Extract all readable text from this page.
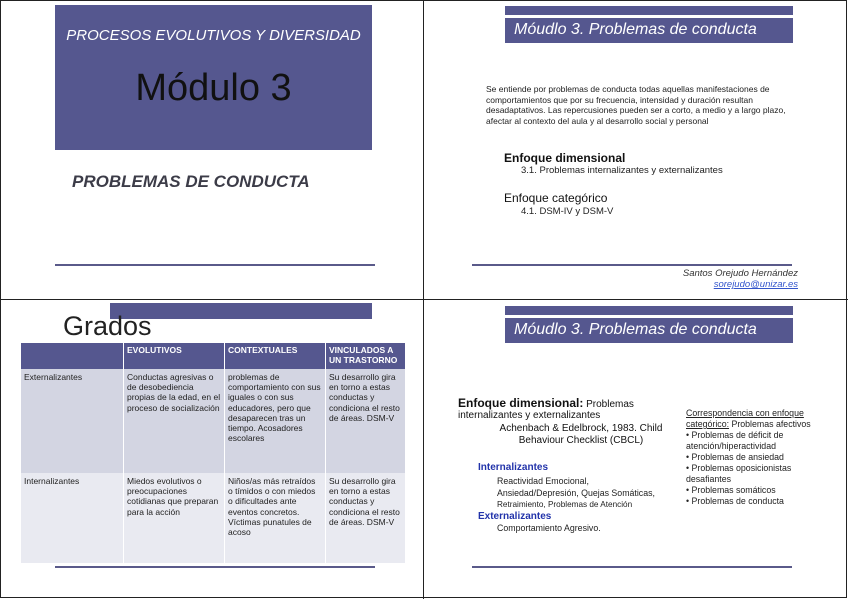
PROCESOS EVOLUTIVOS Y DIVERSIDAD
Módulo 3
PROBLEMAS DE CONDUCTA
Santos Orejudo Hernández
sorejudo@unizar.es
Móudlo 3. Problemas de conducta
Se entiende por problemas de conducta todas aquellas manifestaciones de comportamientos que por su frecuencia, intensidad y duración resultan desadaptativos. Las repercusiones pueden ser a corto, a medio y a largo plazo, afectar al contexto del aula y al desarrollo social y personal
Enfoque dimensional
3.1. Problemas internalizantes y externalizantes
Enfoque categórico
4.1. DSM-IV y DSM-V
Grados
	EVOLUTIVOS	CONTEXTUALES	VINCULADOS A UN TRASTORNO
Externalizantes	Conductas agresivas o de desobediencia propias de la edad, en el proceso de socialización	problemas de comportamiento con sus iguales o con sus educadores, pero que desaparecen tras un tiempo. Acosadores escolares	Su desarrollo gira en torno a estas conductas y condiciona el resto de áreas. DSM-V
Internalizantes	Miedos evolutivos o preocupaciones cotidianas que preparan para la acción	Niños/as más retraídos o tímidos o con miedos o dificultades ante eventos concretos. Víctimas punatules de acoso	Su desarrollo gira en torno a estas conductas y condiciona el resto de áreas. DSM-V
Móudlo 3. Problemas de conducta
Enfoque dimensional: Problemas
internalizantes y externalizantes
Achenbach & Edelbrock, 1983. Child Behaviour Checklist (CBCL)
Internalizantes
Reactividad Emocional,
Ansiedad/Depresión, Quejas Somáticas,
Retraimiento, Problemas de Atención
Externalizantes
Comportamiento Agresivo.
Correspondencia con enfoque categórico: Problemas afectivos
• Problemas de déficit de atención/hiperactividad
• Problemas de ansiedad
• Problemas oposicionistas desafiantes
• Problemas somáticos
• Problemas de conducta
